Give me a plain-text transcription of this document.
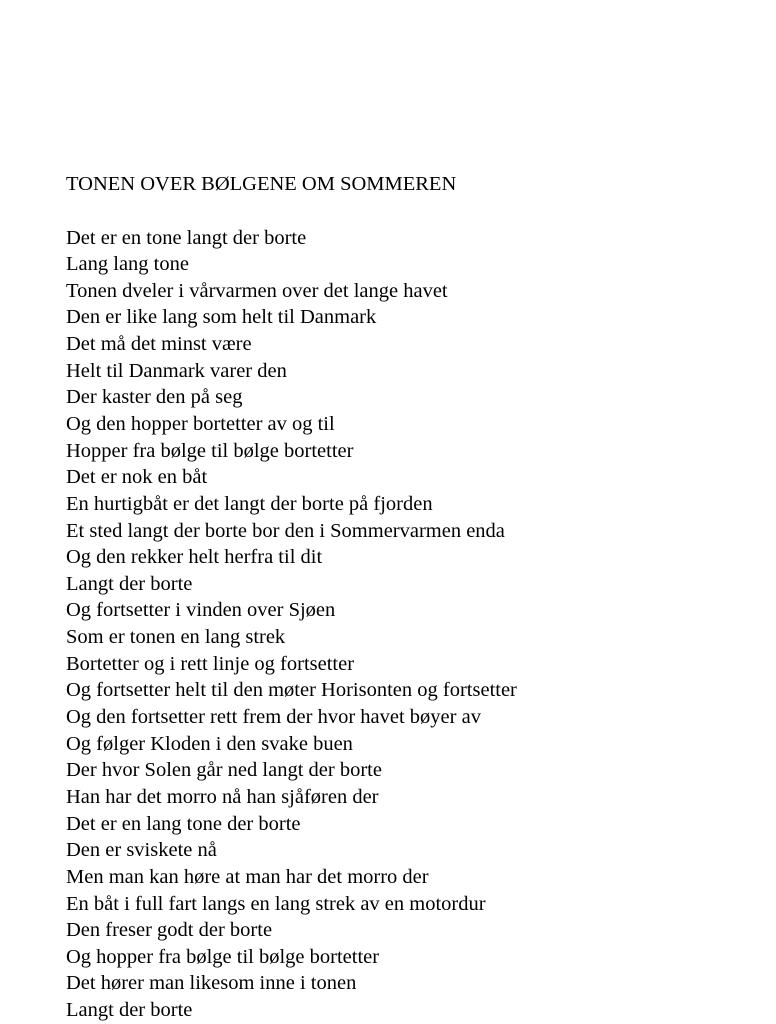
TONEN OVER BØLGENE OM SOMMEREN
Det er en tone langt der borte
Lang lang tone
Tonen dveler i vårvarmen over det lange havet
Den er like lang som helt til Danmark
Det må det minst være
Helt til Danmark varer den
Der kaster den på seg
Og den hopper bortetter av og til
Hopper fra bølge til bølge bortetter
Det er nok en båt
En hurtigbåt er det langt der borte på fjorden
Et sted langt der borte bor den i Sommervarmen enda
Og den rekker helt herfra til dit
Langt der borte
Og fortsetter i vinden over Sjøen
Som er tonen en lang strek
Bortetter og i rett linje og fortsetter
Og fortsetter helt til den møter Horisonten og fortsetter
Og den fortsetter rett frem der hvor havet bøyer av
Og følger Kloden i den svake buen
Der hvor Solen går ned langt der borte
Han har det morro nå han sjåføren der
Det er en lang tone der borte
Den er sviskete nå
Men man kan høre at man har det morro der
En båt i full fart langs en lang strek av en motordur
Den freser godt der borte
Og hopper fra bølge til bølge bortetter
Det hører man likesom inne i tonen
Langt der borte
